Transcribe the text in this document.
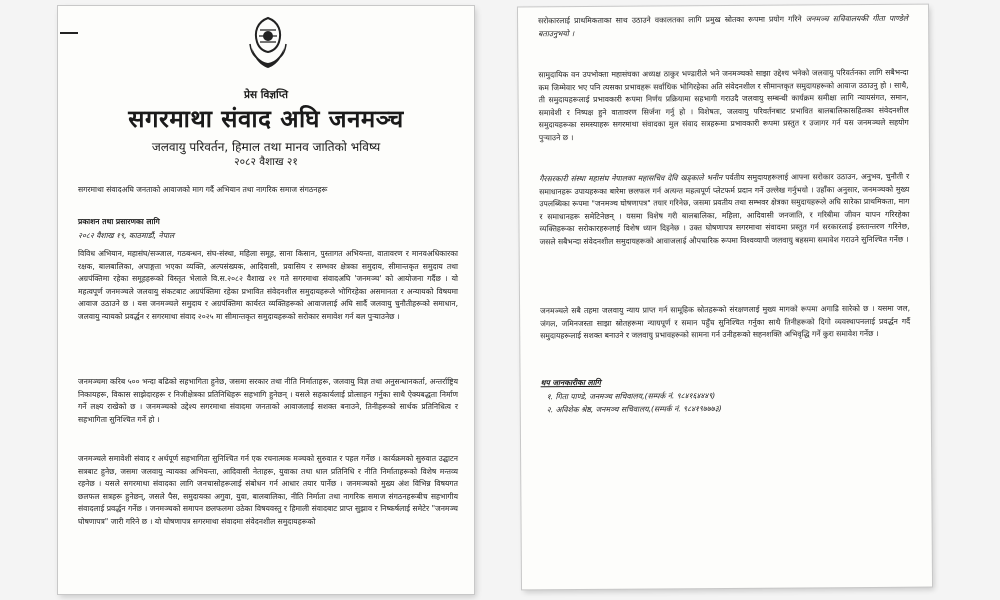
प्रेस विज्ञप्ति
सगरमाथा संवाद अघि जनमञ्च
जलवायु परिवर्तन, हिमाल तथा मानव जातिको भविष्य
२०८२ वैशाख २१
सगरमाथा संवादअघि जनताको आवाजको माग गर्दै अभियान तथा नागरिक समाज संगठनहरू
प्रकाशन तथा प्रसारणका लागि
२०८२ वैशाख १९, काठमाडौं, नेपाल
विविध अभियान, महासंघ/सञ्जाल, गठबन्धन, संघ-संस्था, महिला समूह, साना किसान, पुस्तागत अभियन्ता, वातावरण र मानवअधिकारका रक्षक, बालबालिका, अपाङ्गता भएका व्यक्ति, अल्पसंख्यक, आदिवासी, प्रवासिय र सम्भवर क्षेत्रका समुदाय, सीमान्तकृत समुदाय तथा अग्रपंक्तिमा रहेका समूहहरूको विस्तृत भेलाले वि.स.२०८२ वैशाख २१ गते सगरमाथा संवादअघि 'जनमञ्च' को आयोजना गर्दैछ । यो महत्वपूर्ण जनमञ्चले जलवायु संकटबाट अग्रपंक्तिमा रहेका प्रभावित संवेदनशील समुदायहरूले भोगिरहेका असमानता र अन्यायको विषयमा आवाज उठाउने छ । यस जनमञ्चले समुदाय र अग्रपंक्तिमा कार्यरत व्यक्तिहरूको आवाजलाई अघि सार्दै जलवायु चुनौतीहरूको समाधान, जलवायु न्यायको प्रवर्द्धन र सगरमाथा संवाद २०२५ मा सीमान्तकृत समुदायहरूको सरोकार समावेश गर्न बल पुऱ्याउनेछ ।
जनमञ्चमा करिब ५०० भन्दा बढिको सहभागिता हुनेछ, जसमा सरकार तथा नीति निर्माताहरू, जलवायु विज्ञ तथा अनुसन्धानकर्ता, अन्तर्राष्ट्रिय निकायहरू, विकास साझेदारहरू र निजीक्षेत्रका प्रतिनिधिहरू सहभागि हुनेछन् । यसले सहकार्यलाई प्रोत्साहन गर्नुका साथै ऐक्यबद्धता निर्माण गर्ने लक्ष्य राखेको छ । जनमञ्चको उद्देश्य सगरमाथा संवादमा जनताको आवाजलाई सशक्त बनाउने, तिनीहरूको सार्थक प्रतिनिधित्व र सहभागिता सुनिश्चित गर्ने हो ।
जनमञ्चले समावेशी संवाद र अर्थपूर्ण सहभागिता सुनिश्चित गर्न एक रचनात्मक मञ्चको सुरुवात र पहल गर्नेछ । कार्यक्रमको सुरुवात उद्घाटन सत्रबाट हुनेछ, जसमा जलवायु न्यायका अभियन्ता, आदिवासी नेताहरू, युवाका तथा धाल प्रतिनिधि र नीति निर्माताहरूको विशेष मन्तव्य रहनेछ । यसले सगरमाथा संवादका लागि जनचासोहरूलाई संबोधन गर्न आधार तयार पार्नेछ । जनमञ्चको मुख्य अंश विभिन्न विषयगत छलफल सत्रहरू हुनेछन्, जसले पैस, समुदायका अगुवा, युवा, बालबालिका, नीति निर्माता तथा नागरिक समाज संगठनहरूबीच सहभागीय संवादलाई प्रवर्द्धन गर्नेछ । जनमञ्चको समापन छलफलमा उठेका विषयवस्तु र हिमाली संवादबाट प्राप्त सुझाव र निष्कर्षलाई समेटेर "जनमञ्च घोषणापत्र" जारी गरिने छ । यो घोषणापत्र सगरमाथा संवादमा संवेदनशील समुदायहरूको
सरोकारलाई प्राथमिकताका साथ उठाउने वकालतका लागि प्रमुख स्रोतका रूपमा प्रयोग गरिने जनमञ्च सचिवालयकी गीता पाण्डेले बताउनुभयो ।
सामुदायिक वन उपभोक्ता महासंघका अध्यक्ष ठाकुर भण्डारीले भने जनमञ्चको साझा उद्देश्य भनेको जलवायु परिवर्तनका लागि सबैभन्दा कम जिम्मेवार भए पनि त्यसका प्रभावहरू सर्वाधिक भोगिरहेका अति संवेदनशील र सीमान्तकृत समुदायहरूको आवाज उठाउनु हो । साथै, ती समुदायहरूलाई प्रभावकारी रूपमा निर्णय प्रक्रियामा सहभागी गराउदै जलवायु सम्बन्धी कार्यक्रम समीक्षा लागि न्यायसंगत, समान, समावेशी र निष्पक्ष हुने वातावरण सिर्जना गर्नु हो । विशेषतः, जलवायु परिवर्तनबाट प्रभावित बालबालिकासहितका संवेदनशील समुदायहरूका समस्याहरू सगरमाथा संवादका मुल संवाद सत्रहरूमा प्रभावकारी रूपमा प्रस्तुत र उजागर गर्न यस जनमञ्चले सहयोग पुऱ्याउने छ ।
गैरसरकारी संस्था महासंघ नेपालका महासचिव देवि खड्काले भनीन पर्वतीय समुदायहरूलाई आफ्ना सरोकार उठाउन, अनुभव, चुनौती र समाधानहरू उपायहरूका बारेमा छलफल गर्न अत्यन्त महत्वपूर्ण प्लेटफर्म प्रदान गर्ने उल्लेख गर्नुभयो । उहाँका अनुसार, जनमञ्चको मुख्य उपलब्धिका रूपमा "जनमञ्च घोषणापत्र" तयार गरिनेछ, जसमा प्रवतीय तथा सम्भवर क्षेत्रका समुदायहरूले अघि सारेका प्राथमिकता, माग र समाधानहरू समेटिनेछन् । यसमा विशेष गरी बालबालिका, महिला, आदिवासी जनजाति, र गरिबीमा जीवन यापन गरिरहेका व्यक्तिहरूका सरोकारहरूलाई विशेष ध्यान दिइनेछ । उक्त घोषणापत्र सगरमाथा संवादमा प्रस्तुत गर्न सरकारलाई हस्तान्तरण गरिनेछ, जसले सबैभन्दा संवेदनशील समुदायहरूको आवाजलाई औपचारिक रूपमा विश्वव्यापी जलवायु बहसमा समावेश गराउने सुनिश्चित गर्नेछ ।
जनमञ्चले सबै तहमा जलवायु न्याय प्राप्त गर्न सामूहिक स्रोतहरूको संरक्षणलाई मुख्य मागको रूपमा अगाडि सारेको छ । यसमा जल, जंगल, जमिनजस्ता साझा स्रोतहरूमा न्यायपूर्ण र समान पहुँच सुनिश्चित गर्नुका साथै तिनीहरूको दिगो व्यवस्थापनलाई प्रवर्द्धन गर्दै समुदायहरूलाई सशक्त बनाउने र जलवायु प्रभावहरूको सामना गर्न उनीहरूको सहनशक्ति अभिवृद्धि गर्ने कुरा समावेश गर्नेछ ।
थप जानकारीका लागि
१. गिता पाण्डे, जनमञ्च सचिवालय,(सम्पर्क नं. ९८४१६४४४९)
२. अविशेक श्रेष्ठ, जनमञ्च सचिवालय,(सम्पर्क नं. ९८४१९७७७३)
